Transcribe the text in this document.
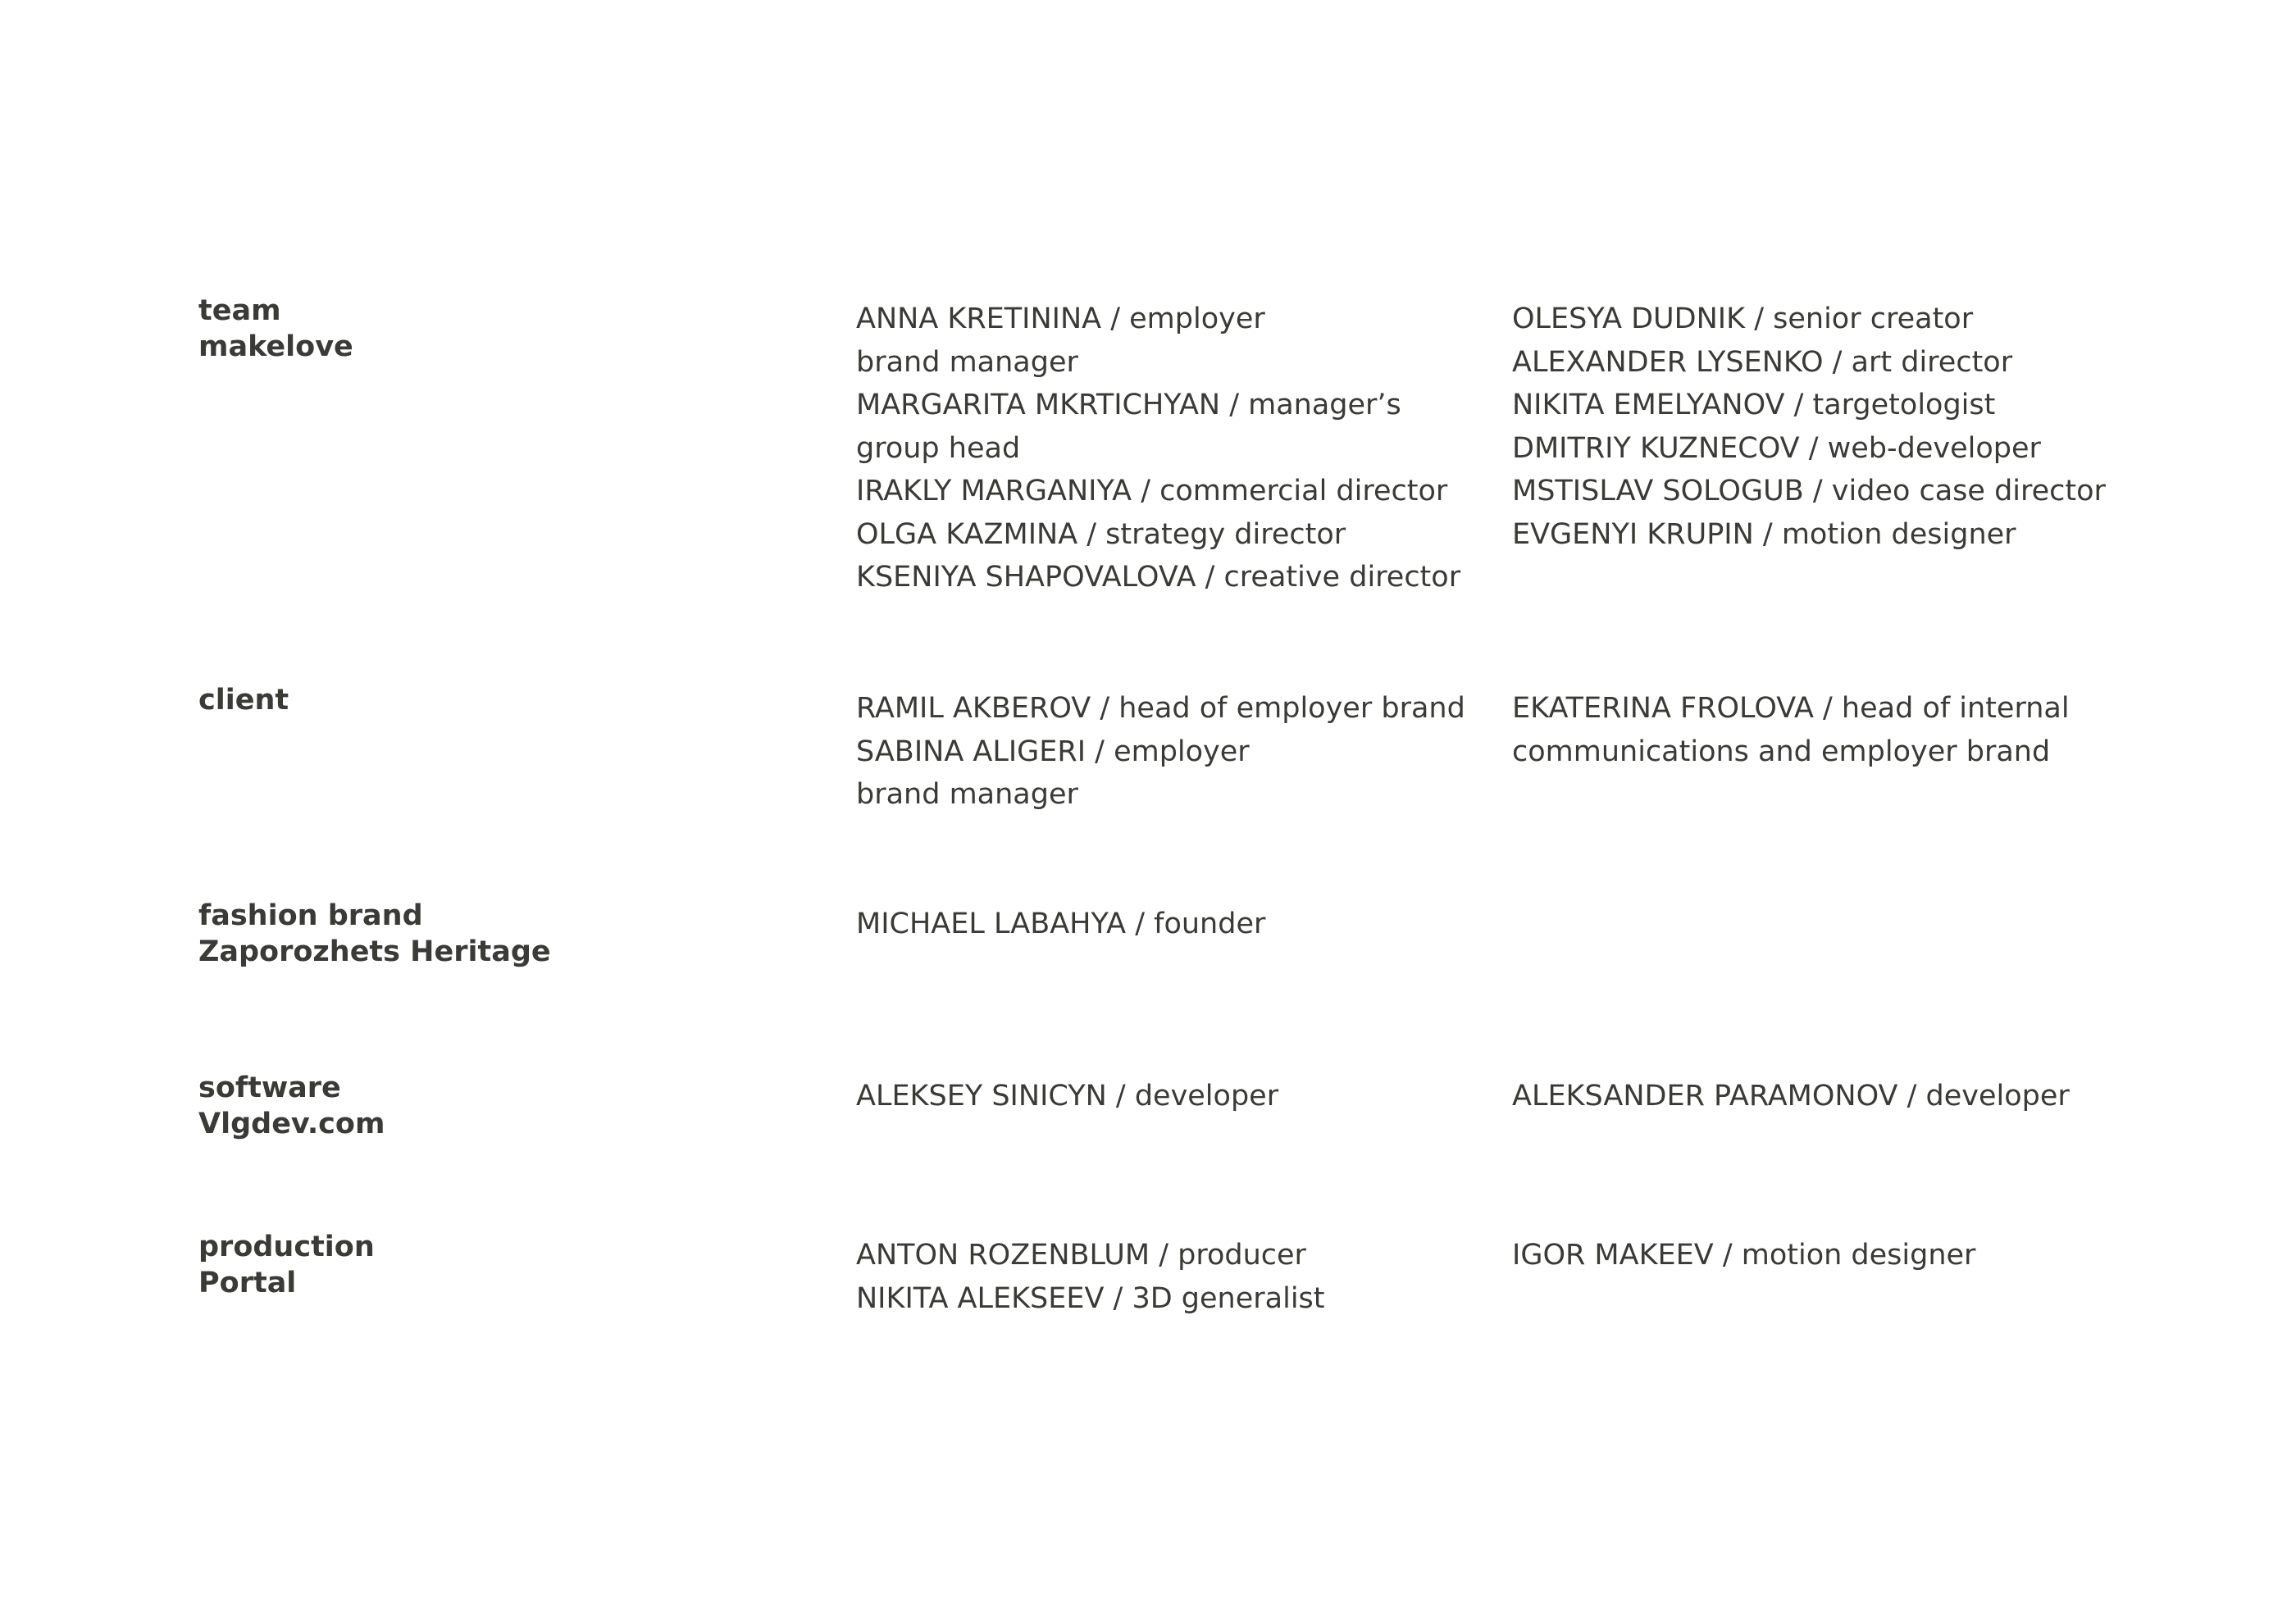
team
makelove
ANNA KRETININA / employer
brand manager
MARGARITA MKRTICHYAN / manager’s
group head
IRAKLY MARGANIYA / commercial director
OLGA KAZMINA / strategy director
KSENIYA SHAPOVALOVA / creative director
OLESYA DUDNIK / senior creator
ALEXANDER LYSENKO / art director
NIKITA EMELYANOV / targetologist
DMITRIY KUZNECOV / web-developer
MSTISLAV SOLOGUB / video case director
EVGENYI KRUPIN / motion designer
client	RAMIL AKBEROV / head of employer brand
SABINA ALIGERI / employer
brand manager
EKATERINA FROLOVA / head of internal
communications and employer brand
fashion brand
Zaporozhets Heritage
MICHAEL LABAHYA / founder
software
Vlgdev.com
ALEKSEY SINICYN / developer	ALEKSANDER PARAMONOV / developer
production
Portal
ANTON ROZENBLUM / producer
NIKITA ALEKSEEV / 3D generalist
IGOR MAKEEV / motion designer
